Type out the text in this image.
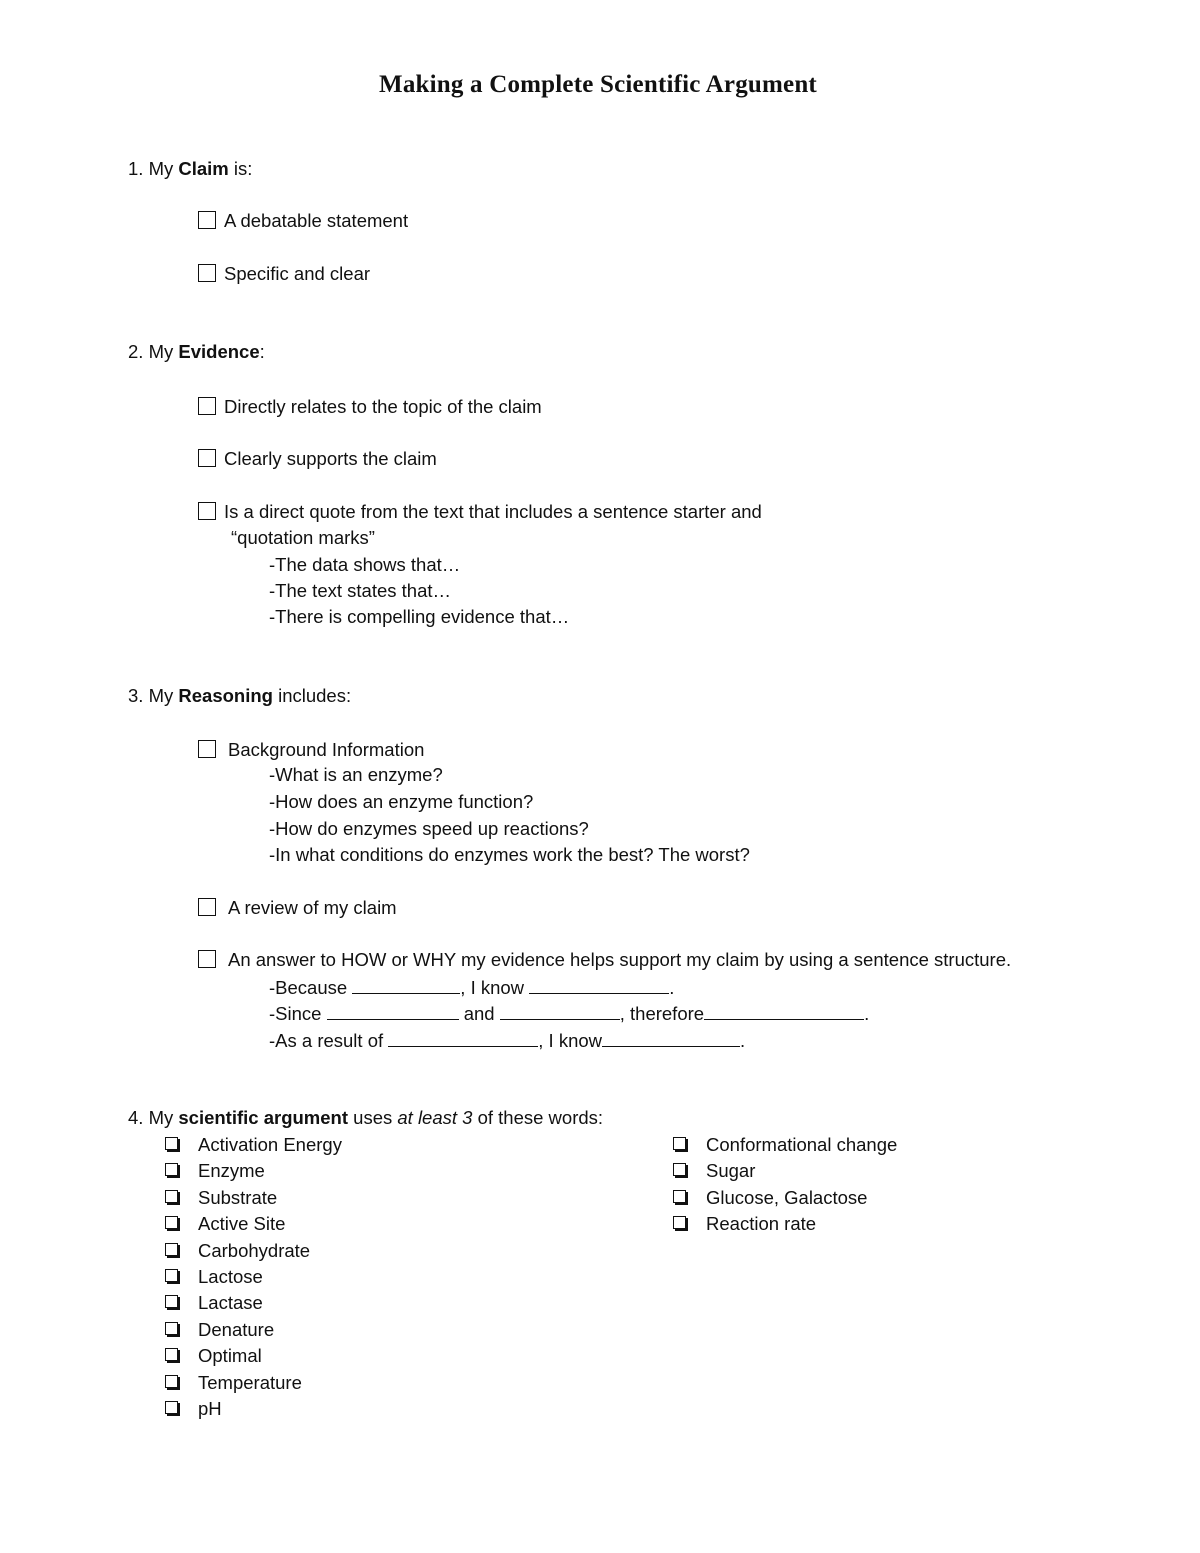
Making a Complete Scientific Argument
1. My Claim is:
A debatable statement
Specific and clear
2. My Evidence:
Directly relates to the topic of the claim
Clearly supports the claim
Is a direct quote from the text that includes a sentence starter and
“quotation marks”
-The data shows that…
-The text states that…
-There is compelling evidence that…
3. My Reasoning includes:
Background Information
-What is an enzyme?
-How does an enzyme function?
-How do enzymes speed up reactions?
-In what conditions do enzymes work the best? The worst?
A review of my claim
An answer to HOW or WHY my evidence helps support my claim by using a sentence structure.
-Because	, I know	.
-Since	and	, therefore	.
-As a result of	, I know	.
4. My scientific argument uses at least 3 of these words:
Activation Energy
Enzyme
Substrate
Active Site
Carbohydrate
Lactose
Lactase
Denature
Optimal
Temperature
pH
Conformational change
Sugar
Glucose, Galactose
Reaction rate
